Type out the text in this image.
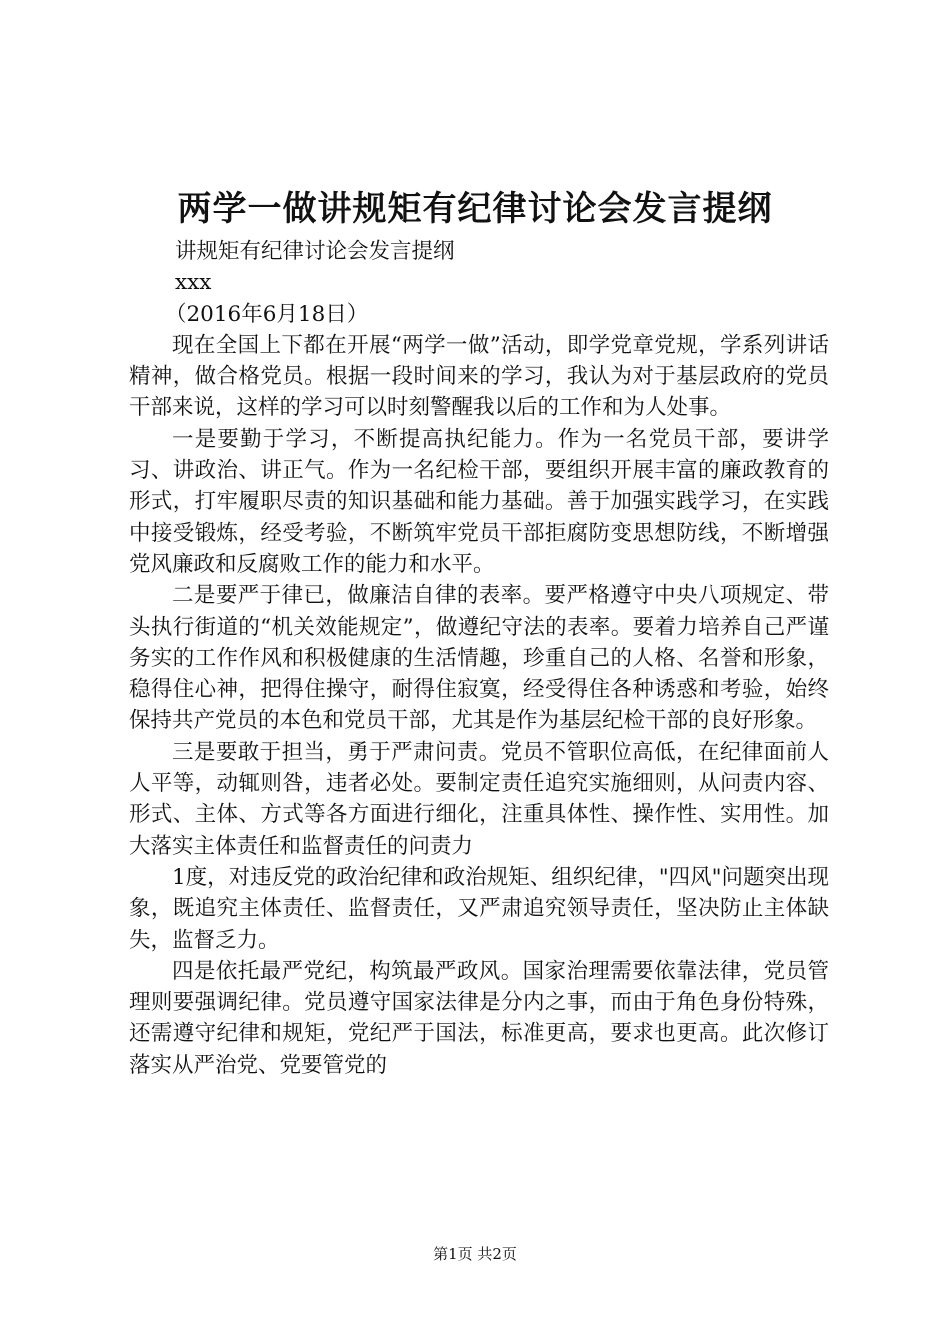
两学一做讲规矩有纪律讨论会发言提纲

讲规矩有纪律讨论会发言提纲

xxx

（2016年6月18日）

现在全国上下都在开展“两学一做”活动，即学党章党规，学系列讲话精神，做合格党员。根据一段时间来的学习，我认为对于基层政府的党员干部来说，这样的学习可以时刻警醒我以后的工作和为人处事。

一是要勤于学习，不断提高执纪能力。作为一名党员干部，要讲学习、讲政治、讲正气。作为一名纪检干部，要组织开展丰富的廉政教育的形式，打牢履职尽责的知识基础和能力基础。善于加强实践学习，在实践中接受锻炼，经受考验，不断筑牢党员干部拒腐防变思想防线，不断增强党风廉政和反腐败工作的能力和水平。

二是要严于律已，做廉洁自律的表率。要严格遵守中央八项规定、带头执行街道的“机关效能规定”，做遵纪守法的表率。要着力培养自己严谨务实的工作作风和积极健康的生活情趣，珍重自己的人格、名誉和形象，稳得住心神，把得住操守，耐得住寂寞，经受得住各种诱惑和考验，始终保持共产党员的本色和党员干部，尤其是作为基层纪检干部的良好形象。

三是要敢于担当，勇于严肃问责。党员不管职位高低，在纪律面前人人平等，动辄则咎，违者必处。要制定责任追究实施细则，从问责内容、形式、主体、方式等各方面进行细化，注重具体性、操作性、实用性。加大落实主体责任和监督责任的问责力

1度，对违反党的政治纪律和政治规矩、组织纪律，"四风"问题突出现象，既追究主体责任、监督责任，又严肃追究领导责任，坚决防止主体缺失，监督乏力。

四是依托最严党纪，构筑最严政风。国家治理需要依靠法律，党员管理则要强调纪律。党员遵守国家法律是分内之事，而由于角色身份特殊，还需遵守纪律和规矩，党纪严于国法，标准更高，要求也更高。此次修订落实从严治党、党要管党的

第1页 共2页
